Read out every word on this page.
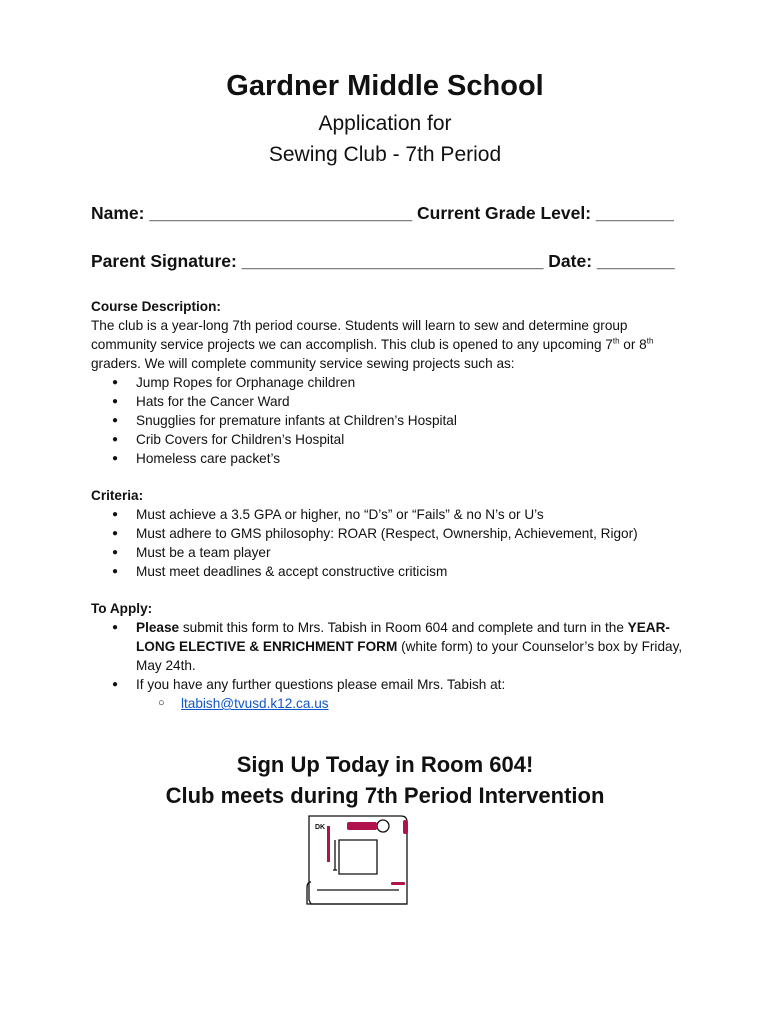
Gardner Middle School
Application for
Sewing Club - 7th Period
Name: ___________________________ Current Grade Level: ________
Parent Signature: _______________________________ Date: ________
Course Description:
The club is a year-long 7th period course. Students will learn to sew and determine group community service projects we can accomplish. This club is opened to any upcoming 7th or 8th graders. We will complete community service sewing projects such as:
● Jump Ropes for Orphanage children
● Hats for the Cancer Ward
● Snugglies for premature infants at Children’s Hospital
● Crib Covers for Children’s Hospital
● Homeless care packet’s
Criteria:
● Must achieve a 3.5 GPA or higher, no “D’s” or “Fails” & no N’s or U’s
● Must adhere to GMS philosophy: ROAR (Respect, Ownership, Achievement, Rigor)
● Must be a team player
● Must meet deadlines & accept constructive criticism
To Apply:
● Please submit this form to Mrs. Tabish in Room 604 and complete and turn in the YEAR-LONG ELECTIVE & ENRICHMENT FORM (white form) to your Counselor’s box by Friday, May 24th.
● If you have any further questions please email Mrs. Tabish at:
○ ltabish@tvusd.k12.ca.us
Sign Up Today in Room 604!
Club meets during 7th Period Intervention
DK
